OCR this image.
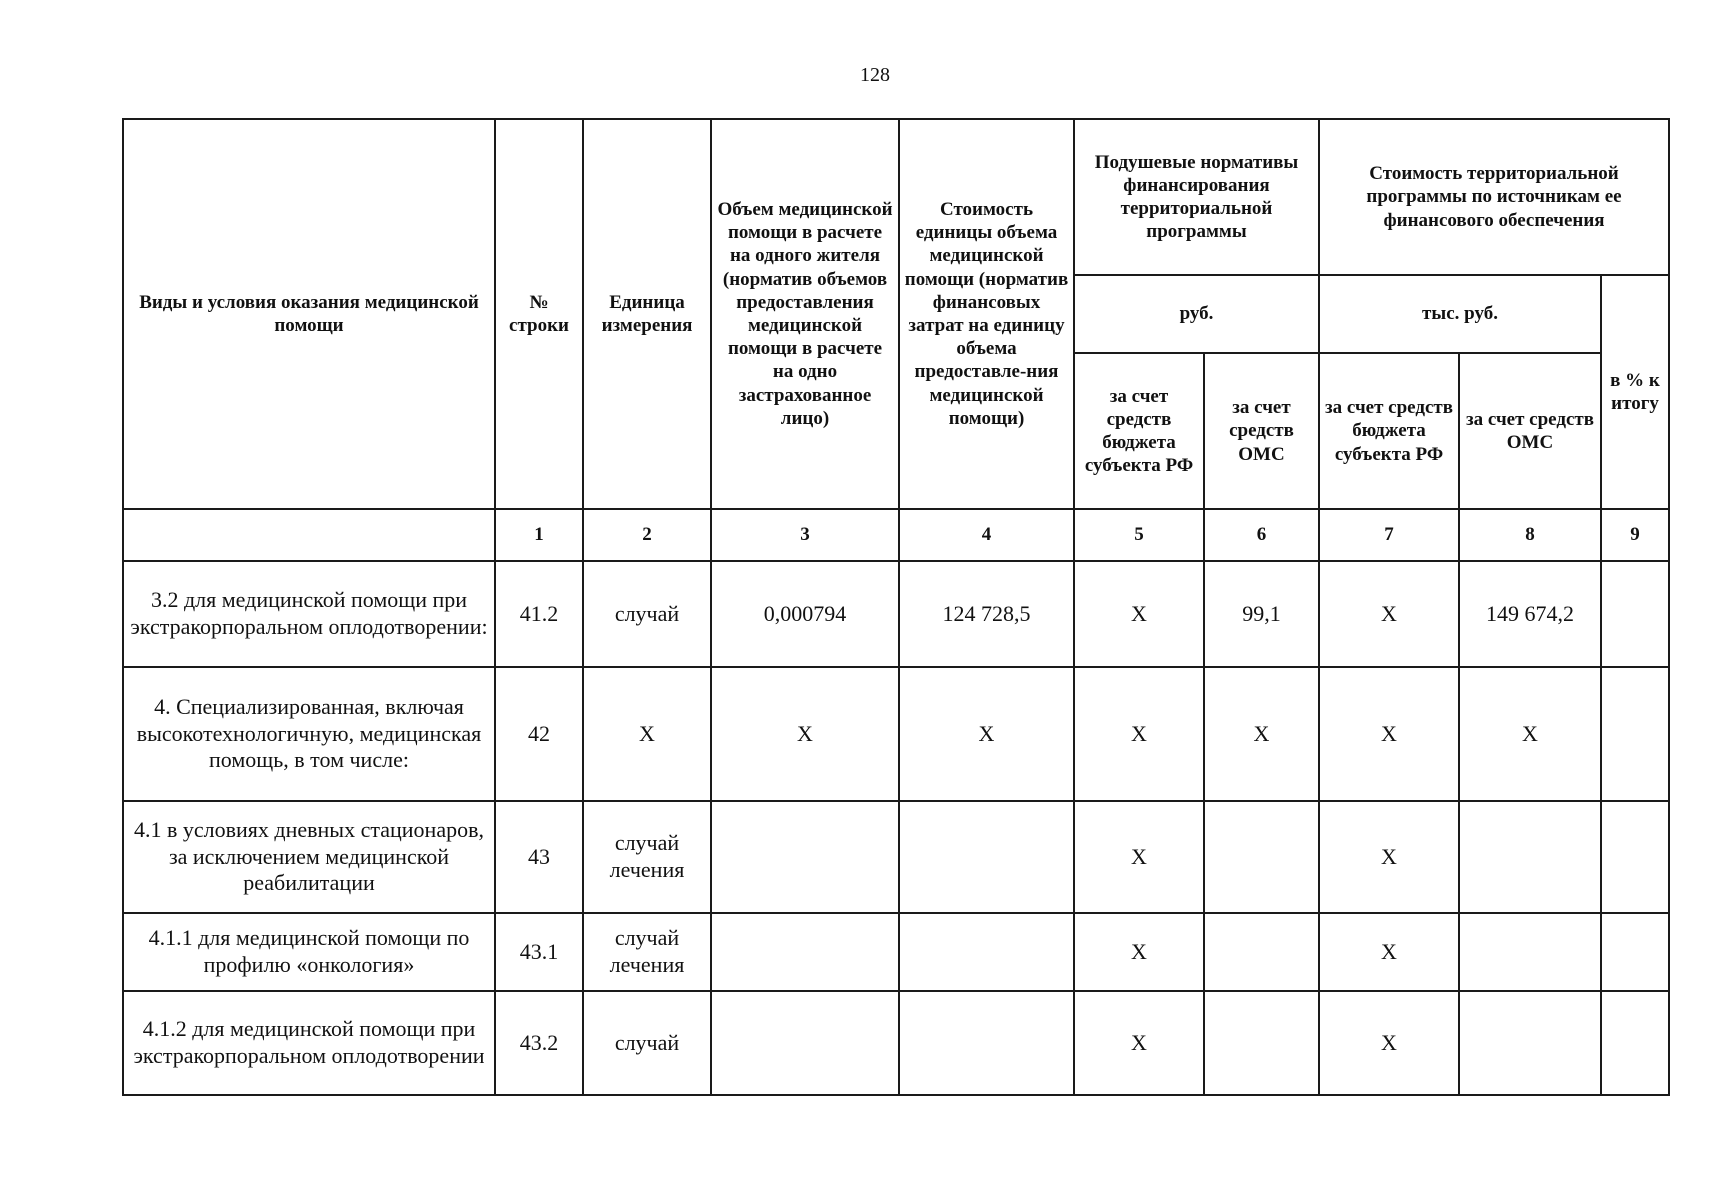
128
Виды и условия оказания медицинской помощи	№ строки	Единица измерения	Объем медицинской помощи в расчете на одного жителя (норматив объемов предоставления медицинской помощи в расчете на одно застрахованное лицо)	Стоимость единицы объема медицинской помощи (норматив финансовых затрат на единицу объема предоставле-ния медицинской помощи)	Подушевые нормативы финансирования территориальной программы		Стоимость территориальной программы по источникам ее финансового обеспечения		
					руб.		тыс. руб.		в % к итогу
					за счет средств бюджета субъекта РФ	за счет средств ОМС	за счет средств бюджета субъекта РФ	за счет средств ОМС	
	1	2	3	4	5	6	7	8	9
3.2 для медицинской помощи при экстракорпоральном оплодотворении:	41.2	случай	0,000794	124 728,5	X	99,1	X	149 674,2	
4. Специализированная, включая высокотехнологичную, медицинская помощь, в том числе:	42	X	X	X	X	X	X	X	
4.1 в условиях дневных стационаров, за исключением медицинской реабилитации	43	случай лечения			X		X		
4.1.1 для медицинской помощи по профилю «онкология»	43.1	случай лечения			X		X		
4.1.2 для медицинской помощи при экстракорпоральном оплодотворении	43.2	случай			X		X		
